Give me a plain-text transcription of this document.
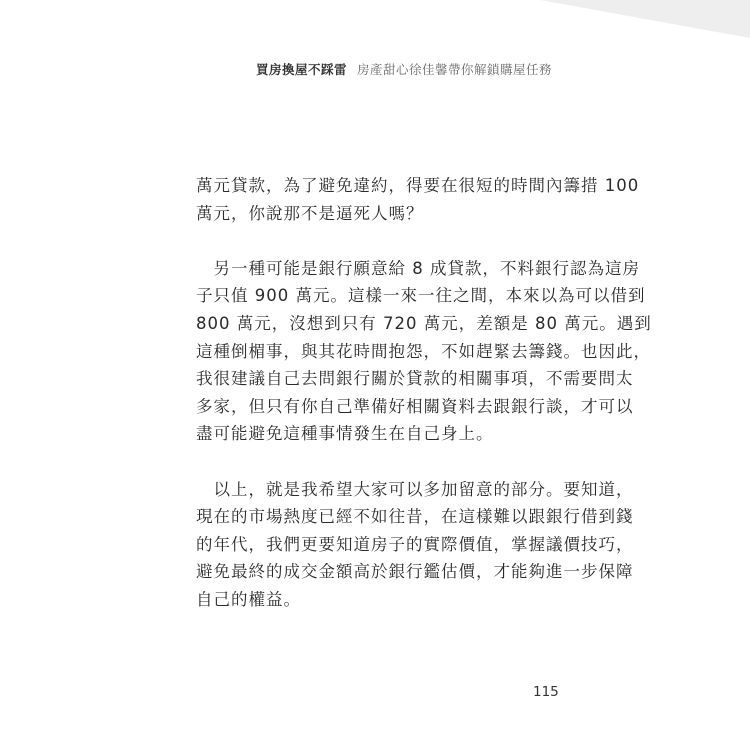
買房換屋不踩雷 房產甜心徐佳馨帶你解鎖購屋任務
萬元貸款，為了避免違約，得要在很短的時間內籌措 100
萬元，你說那不是逼死人嗎？
　另一種可能是銀行願意給 8 成貸款，不料銀行認為這房
子只值 900 萬元。這樣一來一往之間，本來以為可以借到
800 萬元，沒想到只有 720 萬元，差額是 80 萬元。遇到
這種倒楣事，與其花時間抱怨，不如趕緊去籌錢。也因此，
我很建議自己去問銀行關於貸款的相關事項，不需要問太
多家，但只有你自己準備好相關資料去跟銀行談，才可以
盡可能避免這種事情發生在自己身上。
　以上，就是我希望大家可以多加留意的部分。要知道，
現在的市場熱度已經不如往昔，在這樣難以跟銀行借到錢
的年代，我們更要知道房子的實際價值，掌握議價技巧，
避免最終的成交金額高於銀行鑑估價，才能夠進一步保障
自己的權益。
115
